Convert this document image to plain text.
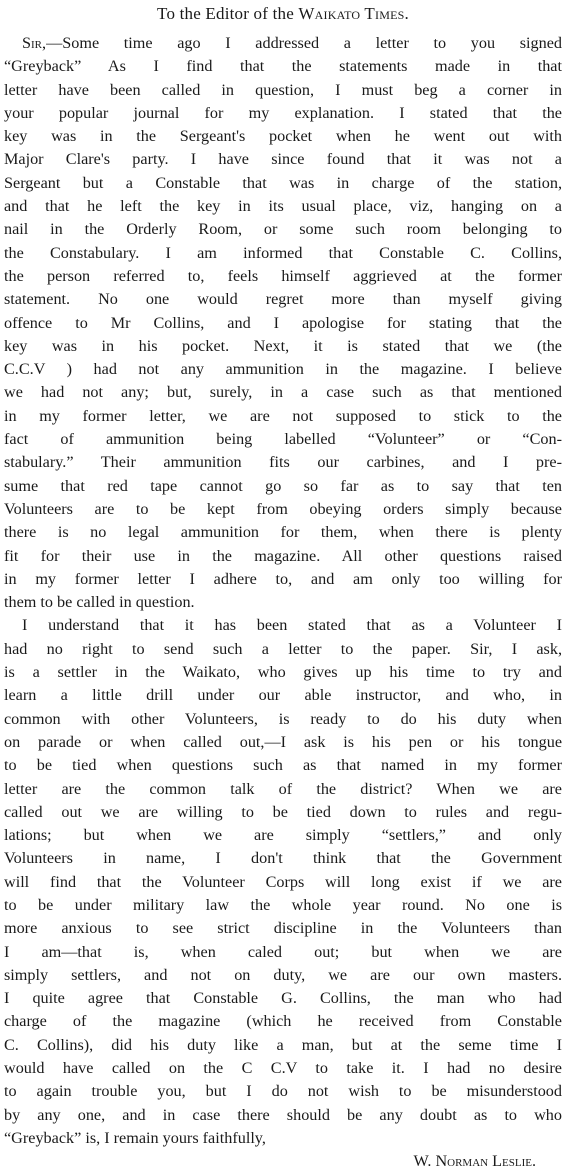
To the Editor of the Waikato Times.
Sir,—Some time ago I addressed a letter to you signed
“Greyback” As I find that the statements made in that
letter have been called in question, I must beg a corner in
your popular journal for my explanation. I stated that the
key was in the Sergeant's pocket when he went out with
Major Clare's party. I have since found that it was not a
Sergeant but a Constable that was in charge of the station,
and that he left the key in its usual place, viz, hanging on a
nail in the Orderly Room, or some such room belonging to
the Constabulary. I am informed that Constable C. Collins,
the person referred to, feels himself aggrieved at the former
statement. No one would regret more than myself giving
offence to Mr Collins, and I apologise for stating that the
key was in his pocket. Next, it is stated that we (the
C.C.V ) had not any ammunition in the magazine. I believe
we had not any; but, surely, in a case such as that mentioned
in my former letter, we are not supposed to stick to the
fact of ammunition being labelled “Volunteer” or “Con-
stabulary.” Their ammunition fits our carbines, and I pre-
sume that red tape cannot go so far as to say that ten
Volunteers are to be kept from obeying orders simply because
there is no legal ammunition for them, when there is plenty
fit for their use in the magazine. All other questions raised
in my former letter I adhere to, and am only too willing for
them to be called in question.
I understand that it has been stated that as a Volunteer I
had no right to send such a letter to the paper. Sir, I ask,
is a settler in the Waikato, who gives up his time to try and
learn a little drill under our able instructor, and who, in
common with other Volunteers, is ready to do his duty when
on parade or when called out,—I ask is his pen or his tongue
to be tied when questions such as that named in my former
letter are the common talk of the district? When we are
called out we are willing to be tied down to rules and regu-
lations; but when we are simply “settlers,” and only
Volunteers in name, I don't think that the Government
will find that the Volunteer Corps will long exist if we are
to be under military law the whole year round. No one is
more anxious to see strict discipline in the Volunteers than
I am—that is, when caled out; but when we are
simply settlers, and not on duty, we are our own masters.
I quite agree that Constable G. Collins, the man who had
charge of the magazine (which he received from Constable
C. Collins), did his duty like a man, but at the seme time I
would have called on the C C.V to take it. I had no desire
to again trouble you, but I do not wish to be misunderstood
by any one, and in case there should be any doubt as to who
“Greyback” is, I remain yours faithfully,
W. Norman Leslie.
